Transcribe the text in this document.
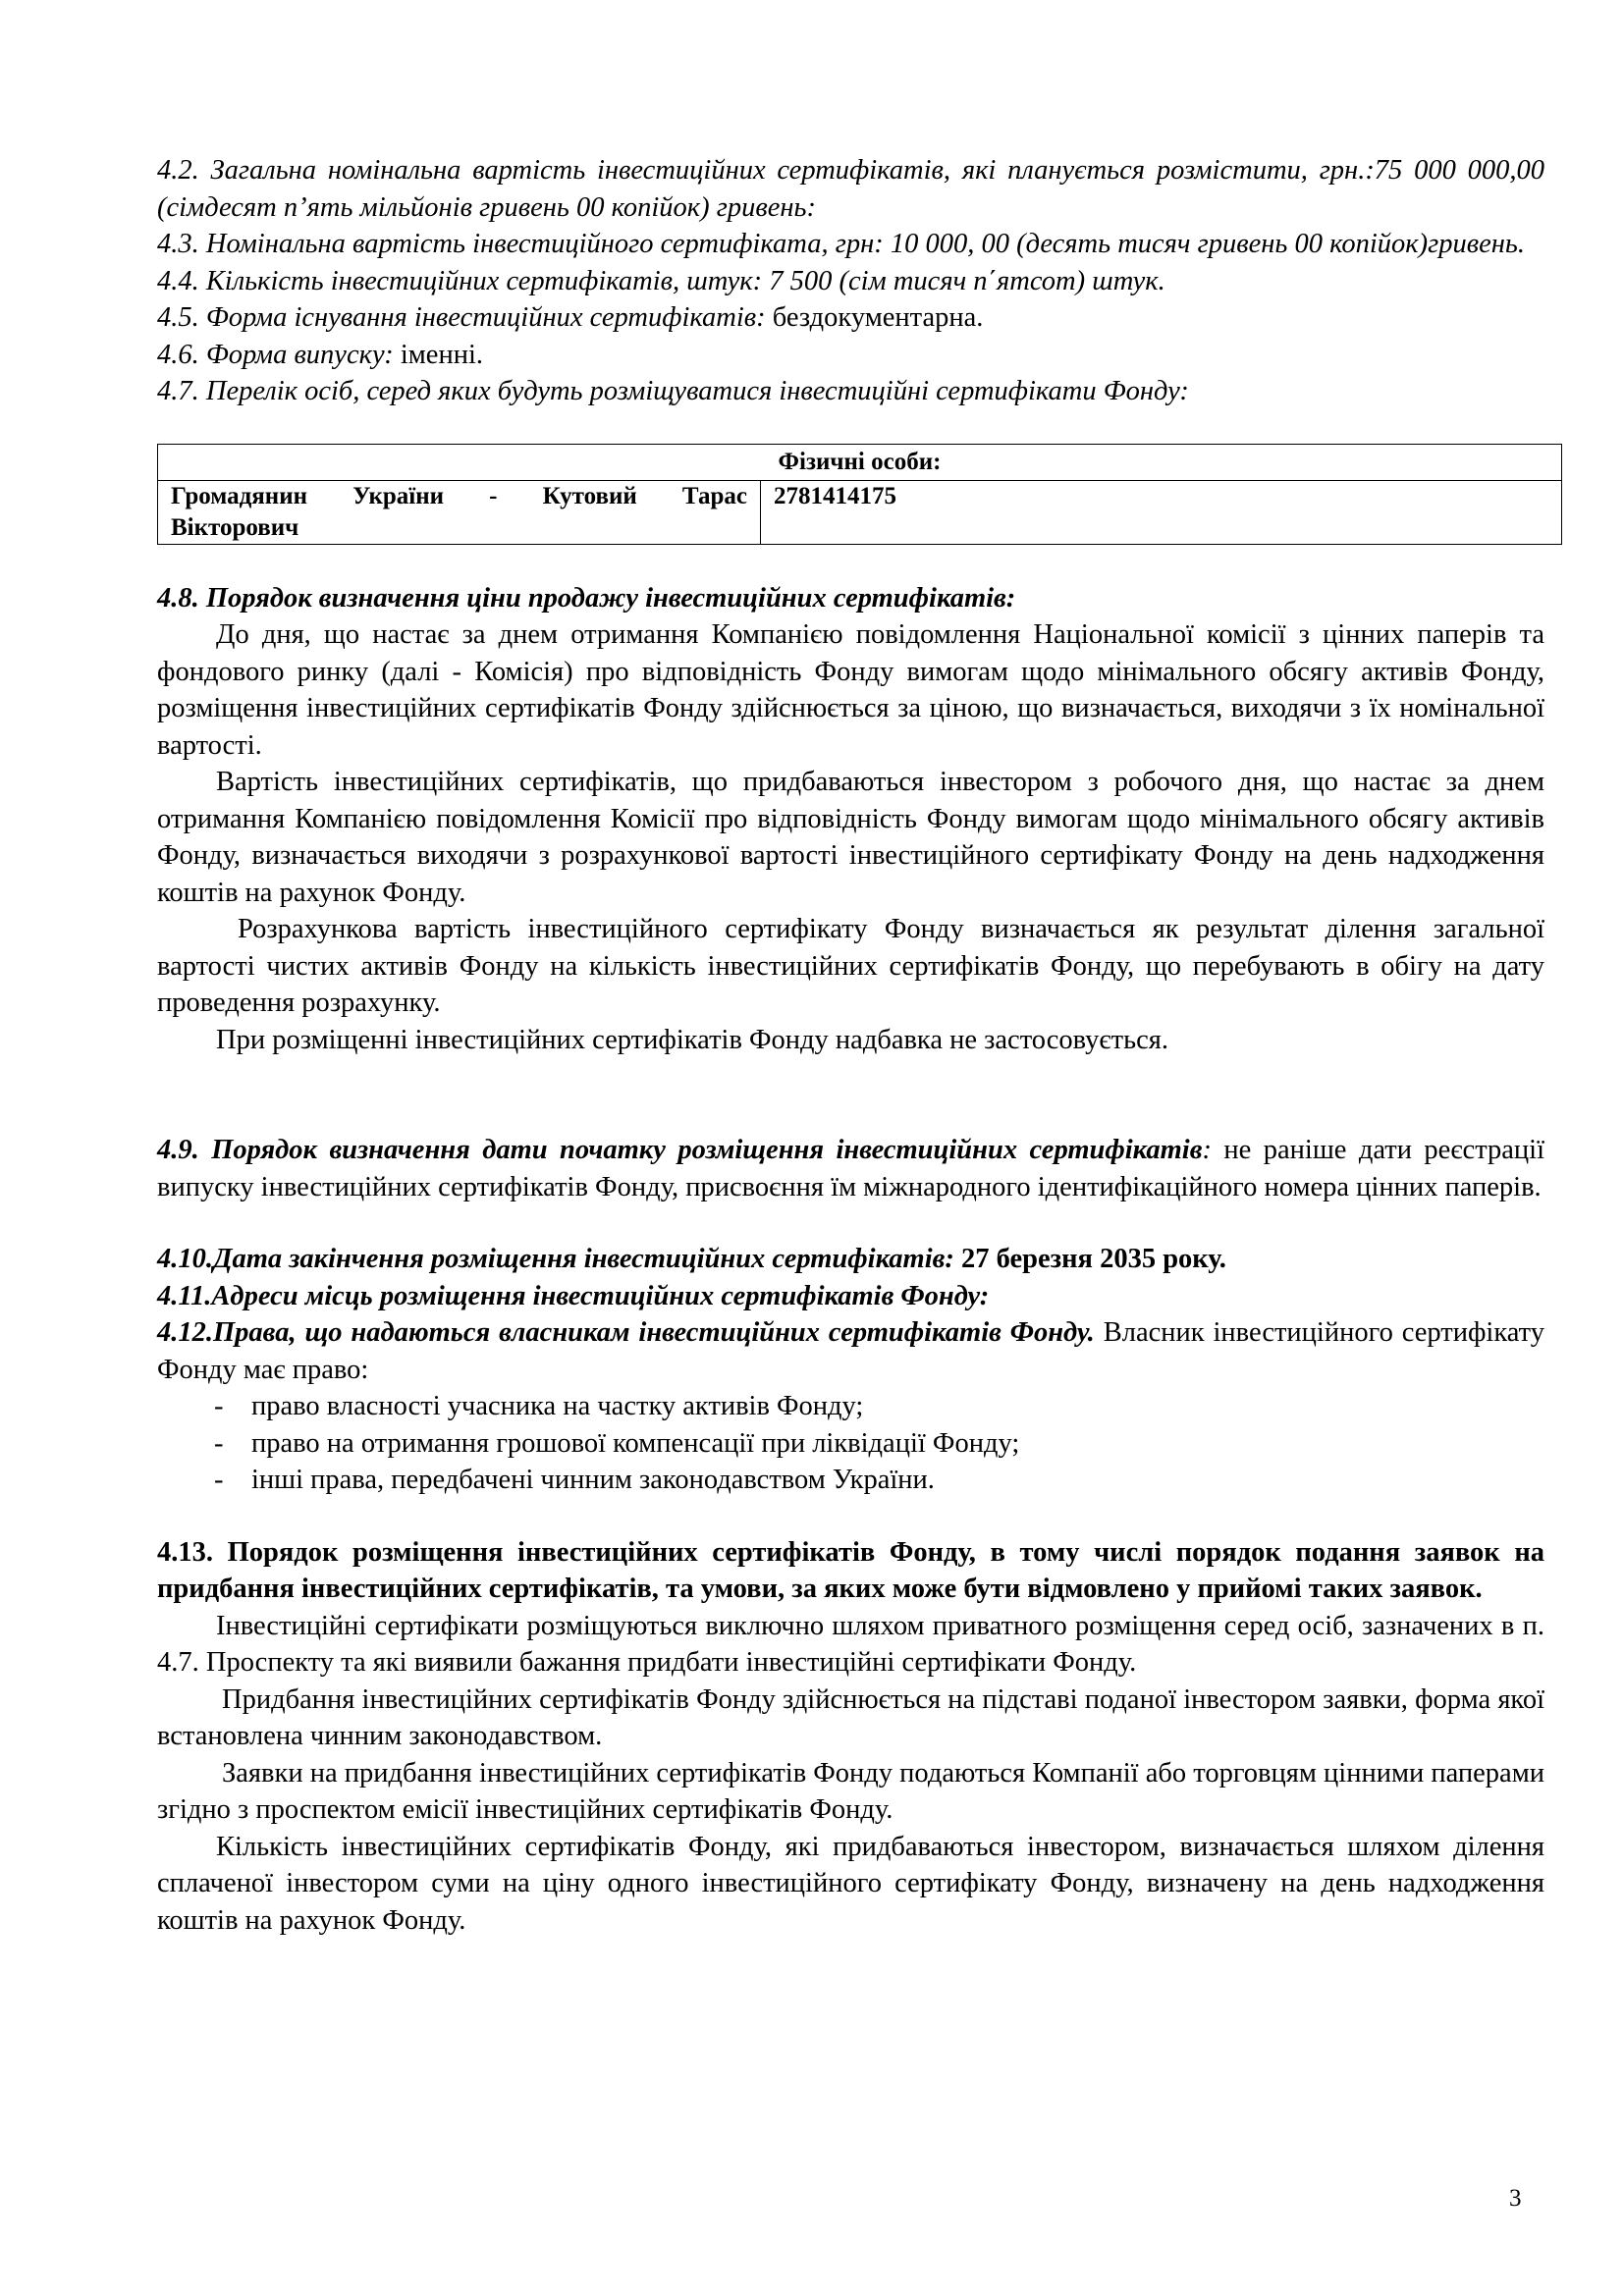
4.2. Загальна номінальна вартість інвестиційних сертифікатів, які планується розмістити, грн.:75 000 000,00 (сімдесят п’ять мільйонів гривень 00 копійок) гривень:

4.3. Номінальна вартість інвестиційного сертифіката, грн: 10 000, 00 (десять тисяч гривень 00 копійок)гривень.

4.4. Кількість інвестиційних сертифікатів, штук: 7 500 (сім тисяч п΄ятсот) штук.

4.5. Форма існування інвестиційних сертифікатів: бездокументарна.

4.6. Форма випуску: іменні.

4.7. Перелік осіб, серед яких будуть розміщуватися інвестиційні сертифікати Фонду:

Фізичні особи:

Громадянин України - Кутовий Тарас
Вікторович
	2781414175

4.8. Порядок визначення ціни продажу інвестиційних сертифікатів:

До дня, що настає за днем отримання Компанією повідомлення Національної комісії з цінних паперів та фондового ринку (далі - Комісія) про відповідність Фонду вимогам щодо мінімального обсягу активів Фонду, розміщення інвестиційних сертифікатів Фонду здійснюється за ціною, що визначається, виходячи з їх номінальної вартості.

Вартість інвестиційних сертифікатів, що придбаваються інвестором з робочого дня, що настає за днем отримання Компанією повідомлення Комісії про відповідність Фонду вимогам щодо мінімального обсягу активів Фонду, визначається виходячи з розрахункової вартості інвестиційного сертифікату Фонду на день надходження коштів на рахунок Фонду.

Розрахункова вартість інвестиційного сертифікату Фонду визначається як результат ділення загальної вартості чистих активів Фонду на кількість інвестиційних сертифікатів Фонду, що перебувають в обігу на дату проведення розрахунку.

При розміщенні інвестиційних сертифікатів Фонду надбавка не застосовується.

4.9. Порядок визначення дати початку розміщення інвестиційних сертифікатів: не раніше дати реєстрації випуску інвестиційних сертифікатів Фонду, присвоєння їм міжнародного ідентифікаційного номера цінних паперів.

4.10.Дата закінчення розміщення інвестиційних сертифікатів: 27 березня 2035 року.

4.11.Адреси місць розміщення інвестиційних сертифікатів Фонду:

4.12.Права, що надаються власникам інвестиційних сертифікатів Фонду. Власник інвестиційного сертифікату Фонду має право:

- право власності учасника на частку активів Фонду;
- право на отримання грошової компенсації при ліквідації Фонду;
- інші права, передбачені чинним законодавством України.

4.13. Порядок розміщення інвестиційних сертифікатів Фонду, в тому числі порядок подання заявок на придбання інвестиційних сертифікатів, та умови, за яких може бути відмовлено у прийомі таких заявок.

Інвестиційні сертифікати розміщуються виключно шляхом приватного розміщення серед осіб, зазначених в п. 4.7. Проспекту та які виявили бажання придбати інвестиційні сертифікати Фонду.

Придбання інвестиційних сертифікатів Фонду здійснюється на підставі поданої інвестором заявки, форма якої встановлена чинним законодавством.

Заявки на придбання інвестиційних сертифікатів Фонду подаються Компанії або торговцям цінними паперами згідно з проспектом емісії інвестиційних сертифікатів Фонду.

Кількість інвестиційних сертифікатів Фонду, які придбаваються інвестором, визначається шляхом ділення сплаченої інвестором суми на ціну одного інвестиційного сертифікату Фонду, визначену на день надходження коштів на рахунок Фонду.

3
